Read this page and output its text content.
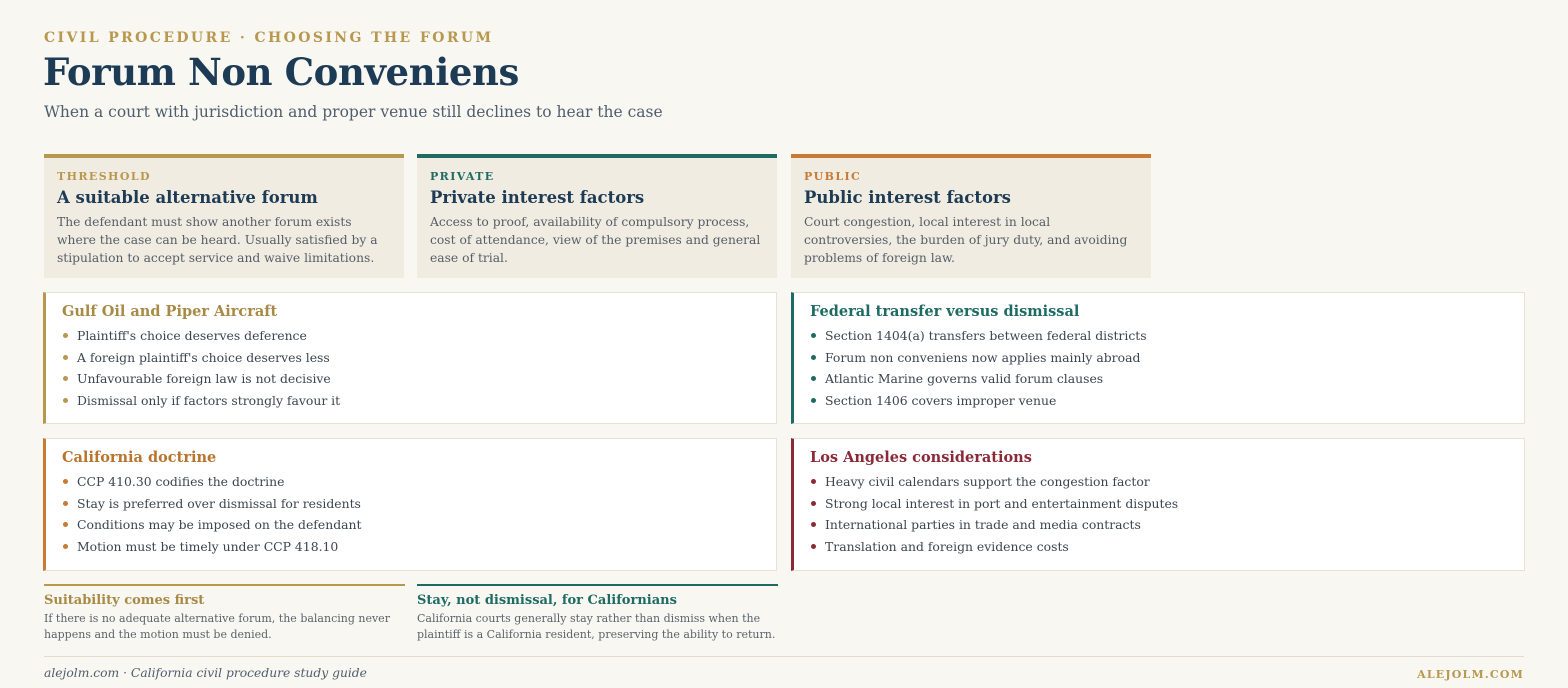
CIVIL PROCEDURE · CHOOSING THE FORUM
Forum Non Conveniens
When a court with jurisdiction and proper venue still declines to hear the case
THRESHOLD
A suitable alternative forum
The defendant must show another forum exists where the case can be heard. Usually satisfied by a stipulation to accept service and waive limitations.
PRIVATE
Private interest factors
Access to proof, availability of compulsory process, cost of attendance, view of the premises and general ease of trial.
PUBLIC
Public interest factors
Court congestion, local interest in local controversies, the burden of jury duty, and avoiding problems of foreign law.
Gulf Oil and Piper Aircraft
Plaintiff's choice deserves deference
A foreign plaintiff's choice deserves less
Unfavourable foreign law is not decisive
Dismissal only if factors strongly favour it
Federal transfer versus dismissal
Section 1404(a) transfers between federal districts
Forum non conveniens now applies mainly abroad
Atlantic Marine governs valid forum clauses
Section 1406 covers improper venue
California doctrine
CCP 410.30 codifies the doctrine
Stay is preferred over dismissal for residents
Conditions may be imposed on the defendant
Motion must be timely under CCP 418.10
Los Angeles considerations
Heavy civil calendars support the congestion factor
Strong local interest in port and entertainment disputes
International parties in trade and media contracts
Translation and foreign evidence costs
Suitability comes first
If there is no adequate alternative forum, the balancing never happens and the motion must be denied.
Stay, not dismissal, for Californians
California courts generally stay rather than dismiss when the plaintiff is a California resident, preserving the ability to return.
alejolm.com · California civil procedure study guide	ALEJOLM.COM
